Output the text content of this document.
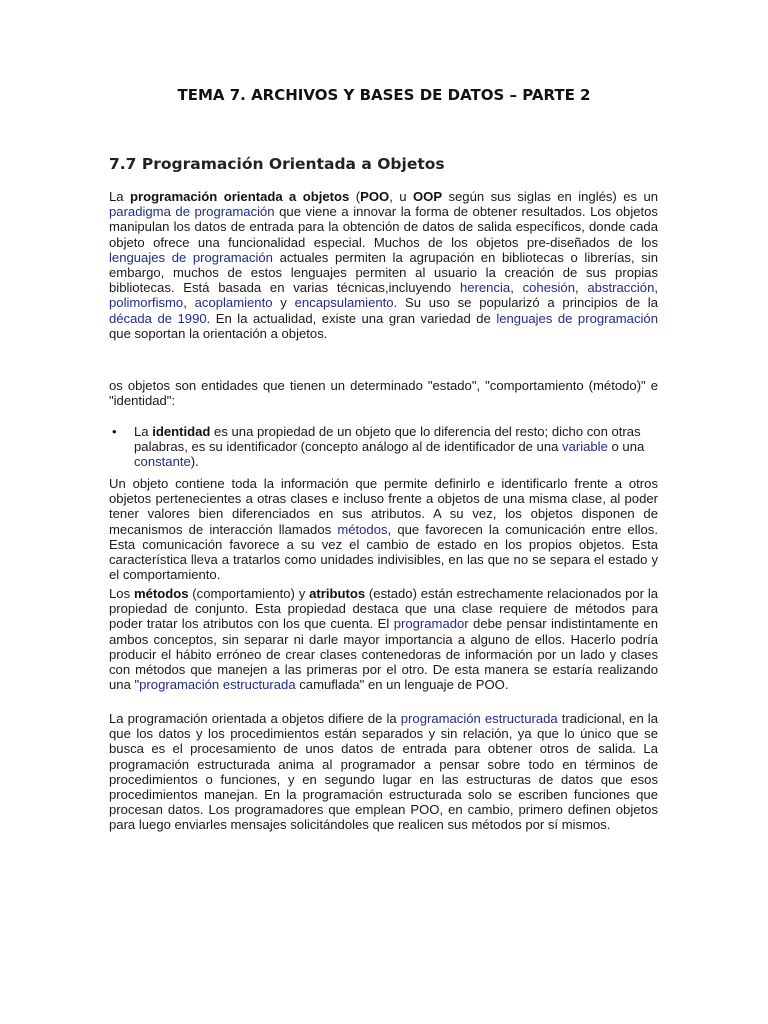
TEMA 7. ARCHIVOS Y BASES DE DATOS – PARTE 2
7.7 Programación Orientada a Objetos

La programación orientada a objetos (POO, u OOP según sus siglas en inglés) es un paradigma de programación que viene a innovar la forma de obtener resultados. Los objetos manipulan los datos de entrada para la obtención de datos de salida específicos, donde cada objeto ofrece una funcionalidad especial. Muchos de los objetos pre-diseñados de los lenguajes de programación actuales permiten la agrupación en bibliotecas o librerías, sin embargo, muchos de estos lenguajes permiten al usuario la creación de sus propias bibliotecas. Está basada en varias técnicas,incluyendo herencia, cohesión, abstracción, polimorfismo, acoplamiento y encapsulamiento. Su uso se popularizó a principios de la década de 1990. En la actualidad, existe una gran variedad de lenguajes de programación que soportan la orientación a objetos.

os objetos son entidades que tienen un determinado "estado", "comportamiento (método)" e "identidad":

• La identidad es una propiedad de un objeto que lo diferencia del resto; dicho con otras palabras, es su identificador (concepto análogo al de identificador de una variable o una constante).

Un objeto contiene toda la información que permite definirlo e identificarlo frente a otros objetos pertenecientes a otras clases e incluso frente a objetos de una misma clase, al poder tener valores bien diferenciados en sus atributos. A su vez, los objetos disponen de mecanismos de interacción llamados métodos, que favorecen la comunicación entre ellos. Esta comunicación favorece a su vez el cambio de estado en los propios objetos. Esta característica lleva a tratarlos como unidades indivisibles, en las que no se separa el estado y el comportamiento.

Los métodos (comportamiento) y atributos (estado) están estrechamente relacionados por la propiedad de conjunto. Esta propiedad destaca que una clase requiere de métodos para poder tratar los atributos con los que cuenta. El programador debe pensar indistintamente en ambos conceptos, sin separar ni darle mayor importancia a alguno de ellos. Hacerlo podría producir el hábito erróneo de crear clases contenedoras de información por un lado y clases con métodos que manejen a las primeras por el otro. De esta manera se estaría realizando una "programación estructurada camuflada" en un lenguaje de POO.

La programación orientada a objetos difiere de la programación estructurada tradicional, en la que los datos y los procedimientos están separados y sin relación, ya que lo único que se busca es el procesamiento de unos datos de entrada para obtener otros de salida. La programación estructurada anima al programador a pensar sobre todo en términos de procedimientos o funciones, y en segundo lugar en las estructuras de datos que esos procedimientos manejan. En la programación estructurada solo se escriben funciones que procesan datos. Los programadores que emplean POO, en cambio, primero definen objetos para luego enviarles mensajes solicitándoles que realicen sus métodos por sí mismos.
